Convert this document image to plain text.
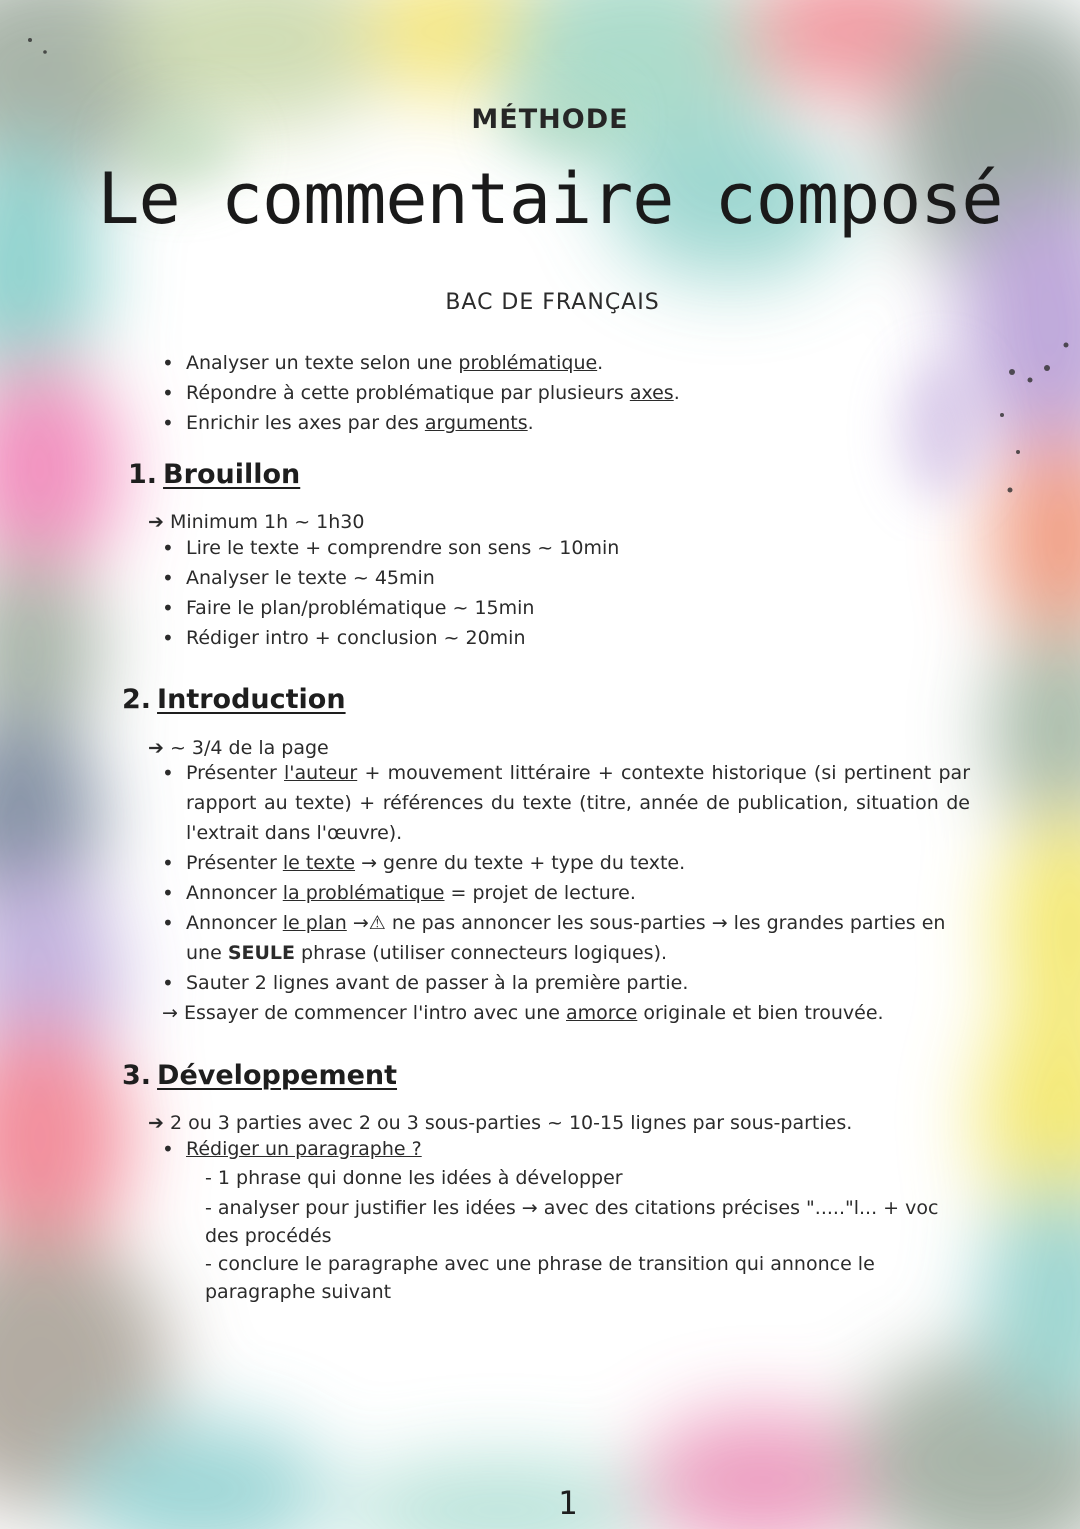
MÉTHODE
Le commentaire composé
BAC DE FRANÇAIS
• Analyser un texte selon une problématique.
• Répondre à cette problématique par plusieurs axes.
• Enrichir les axes par des arguments.
1. Brouillon
➔ Minimum 1h ~ 1h30
• Lire le texte + comprendre son sens ~ 10min
• Analyser le texte ~ 45min
• Faire le plan/problématique ~ 15min
• Rédiger intro + conclusion ~ 20min
2. Introduction
➔ ~ 3/4 de la page
• Présenter l'auteur + mouvement littéraire + contexte historique (si pertinent par rapport au texte) + références du texte (titre, année de publication, situation de l'extrait dans l'œuvre).
• Présenter le texte → genre du texte + type du texte.
• Annoncer la problématique = projet de lecture.
• Annoncer le plan →⚠ ne pas annoncer les sous-parties → les grandes parties en une SEULE phrase (utiliser connecteurs logiques).
• Sauter 2 lignes avant de passer à la première partie.
→ Essayer de commencer l'intro avec une amorce originale et bien trouvée.
3. Développement
➔ 2 ou 3 parties avec 2 ou 3 sous-parties ~ 10-15 lignes par sous-parties.
• Rédiger un paragraphe ?
- 1 phrase qui donne les idées à développer
- analyser pour justifier les idées → avec des citations précises "....."l... + voc des procédés
- conclure le paragraphe avec une phrase de transition qui annonce le paragraphe suivant
1
